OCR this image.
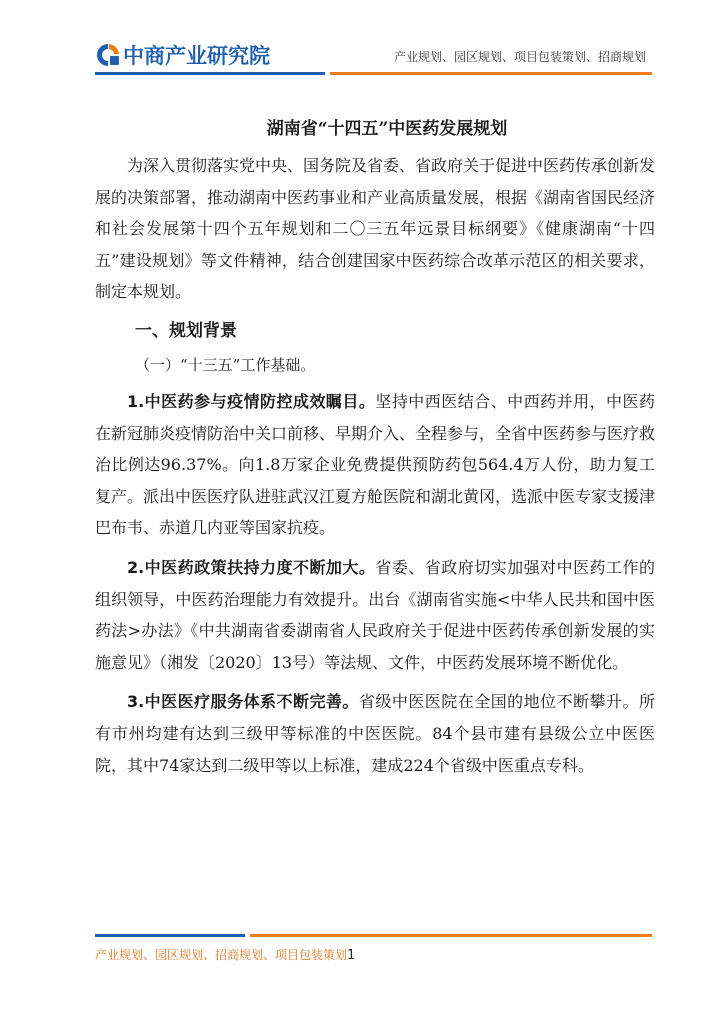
中商产业研究院	产业规划、园区规划、项目包装策划、招商规划
湖南省“十四五”中医药发展规划

为深入贯彻落实党中央、国务院及省委、省政府关于促进中医药传承创新发展的决策部署，推动湖南中医药事业和产业高质量发展，根据《湖南省国民经济和社会发展第十四个五年规划和二〇三五年远景目标纲要》《健康湖南“十四五”建设规划》等文件精神，结合创建国家中医药综合改革示范区的相关要求，制定本规划。

一、规划背景
（一）“十三五”工作基础。

1.中医药参与疫情防控成效瞩目。坚持中西医结合、中西药并用，中医药在新冠肺炎疫情防治中关口前移、早期介入、全程参与，全省中医药参与医疗救治比例达96.37%。向1.8万家企业免费提供预防药包564.4万人份，助力复工复产。派出中医医疗队进驻武汉江夏方舱医院和湖北黄冈，选派中医专家支援津巴布韦、赤道几内亚等国家抗疫。

2.中医药政策扶持力度不断加大。省委、省政府切实加强对中医药工作的组织领导，中医药治理能力有效提升。出台《湖南省实施<中华人民共和国中医药法>办法》《中共湖南省委湖南省人民政府关于促进中医药传承创新发展的实施意见》（湘发〔2020〕13号）等法规、文件，中医药发展环境不断优化。

3.中医医疗服务体系不断完善。省级中医医院在全国的地位不断攀升。所有市州均建有达到三级甲等标准的中医医院。84个县市建有县级公立中医医院，其中74家达到二级甲等以上标准，建成224个省级中医重点专科。

产业规划、园区规划、招商规划、项目包装策划1
